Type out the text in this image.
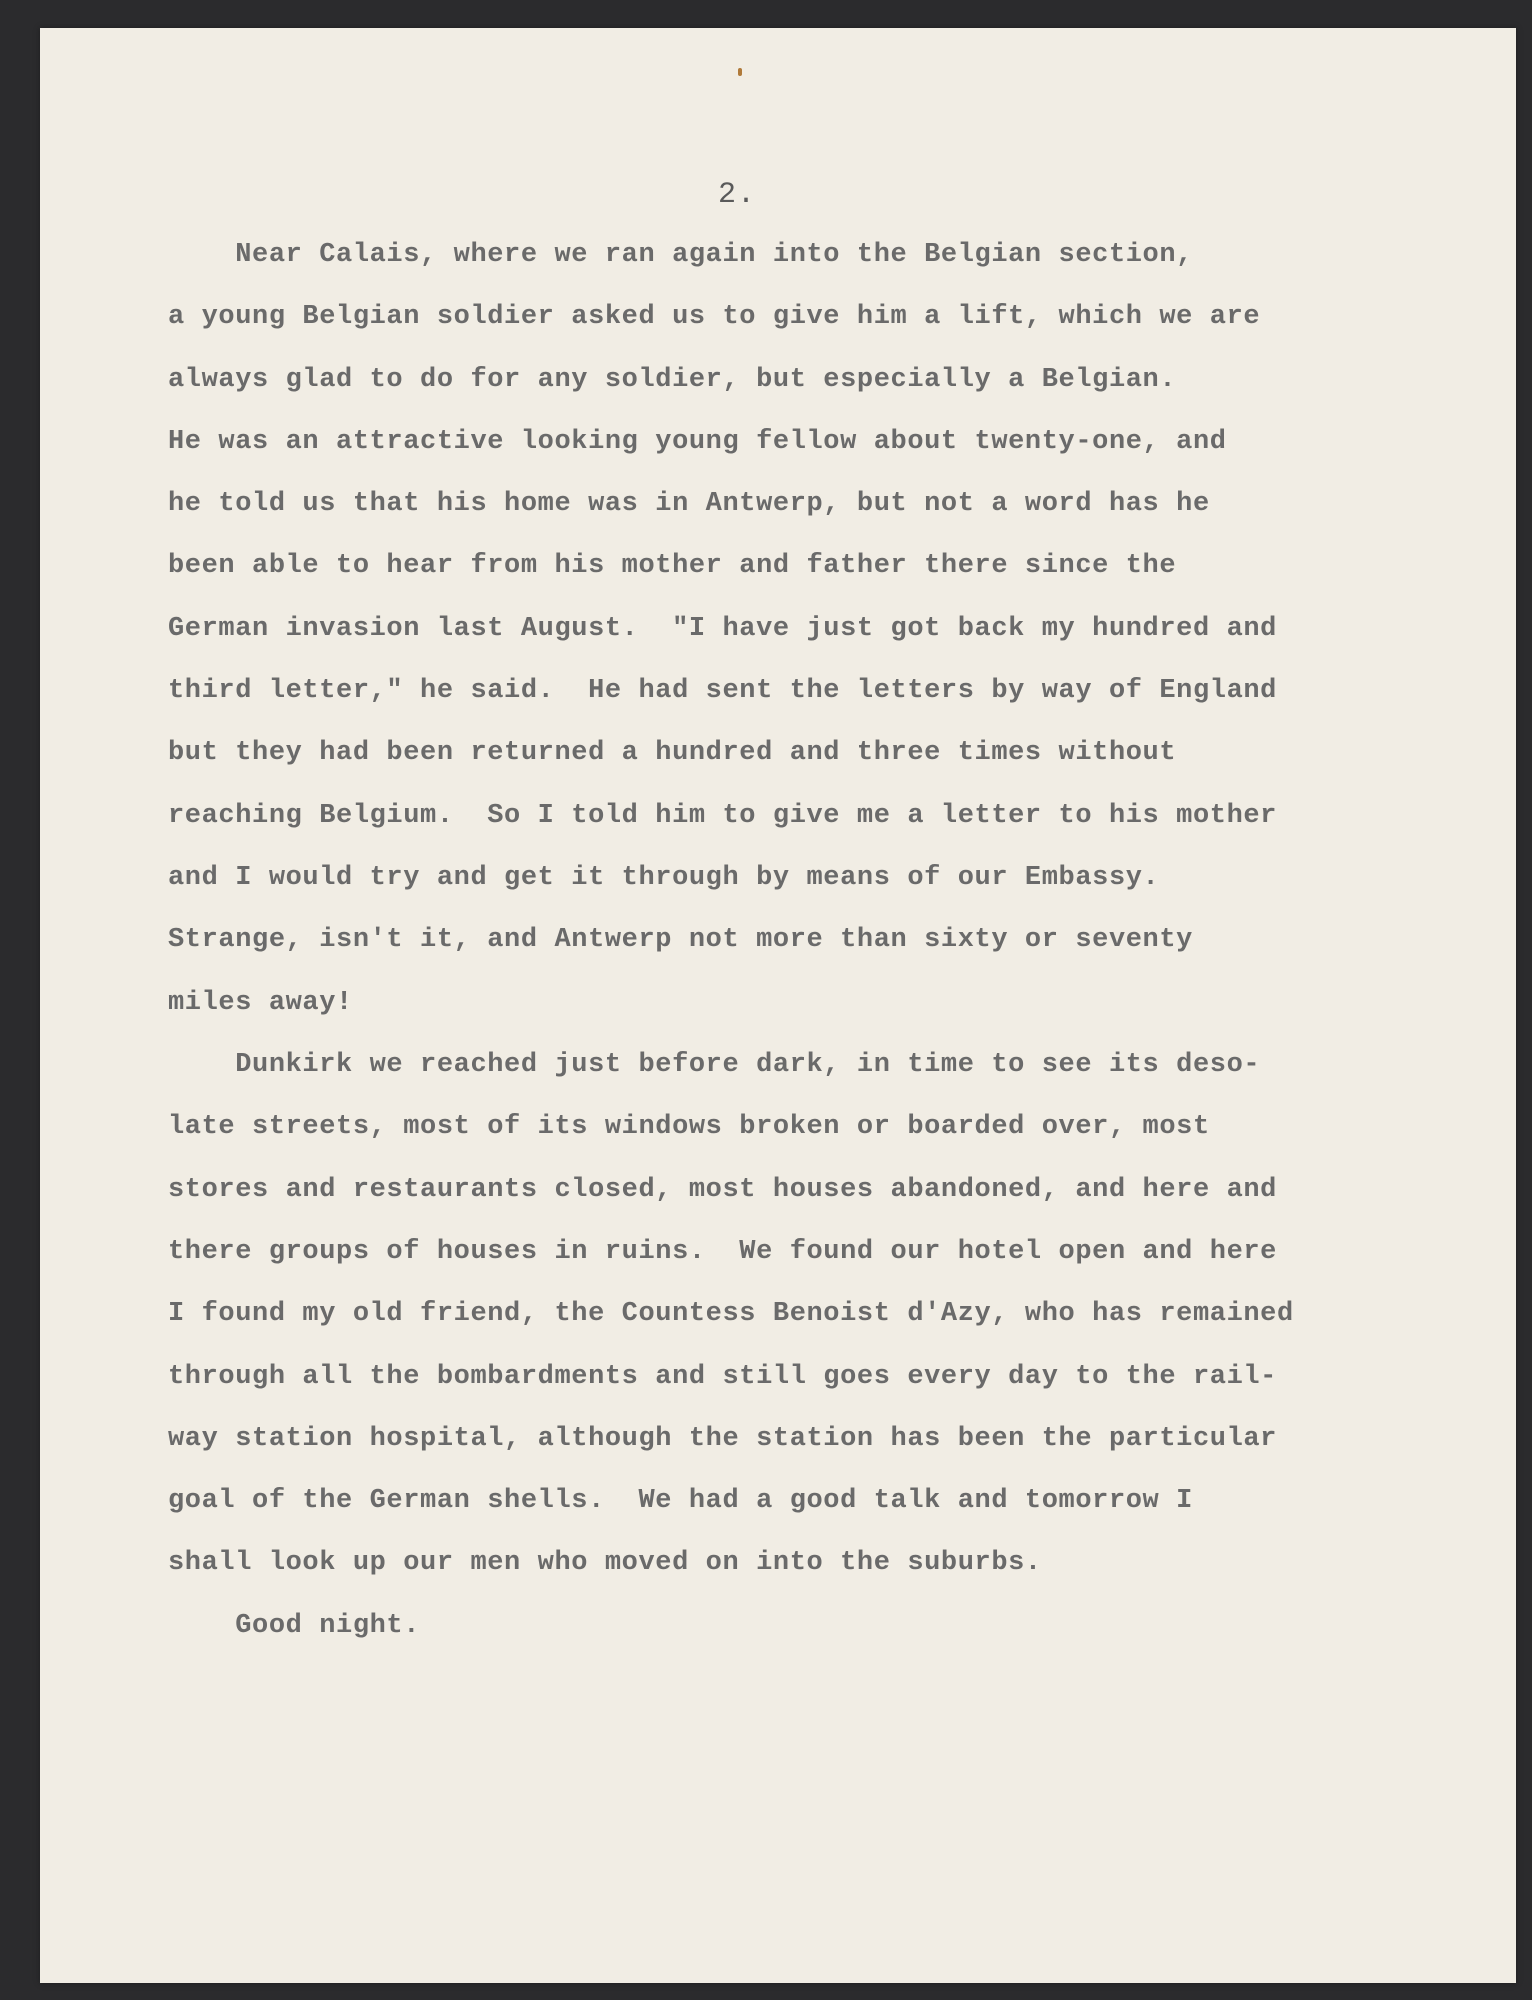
2.
Near Calais, where we ran again into the Belgian section,
a young Belgian soldier asked us to give him a lift, which we are
always glad to do for any soldier, but especially a Belgian.
He was an attractive looking young fellow about twenty-one, and
he told us that his home was in Antwerp, but not a word has he
been able to hear from his mother and father there since the
German invasion last August.  "I have just got back my hundred and
third letter," he said.  He had sent the letters by way of England
but they had been returned a hundred and three times without
reaching Belgium.  So I told him to give me a letter to his mother
and I would try and get it through by means of our Embassy.
Strange, isn't it, and Antwerp not more than sixty or seventy
miles away!
Dunkirk we reached just before dark, in time to see its deso-
late streets, most of its windows broken or boarded over, most
stores and restaurants closed, most houses abandoned, and here and
there groups of houses in ruins.  We found our hotel open and here
I found my old friend, the Countess Benoist d'Azy, who has remained
through all the bombardments and still goes every day to the rail-
way station hospital, although the station has been the particular
goal of the German shells.  We had a good talk and tomorrow I
shall look up our men who moved on into the suburbs.
Good night.
